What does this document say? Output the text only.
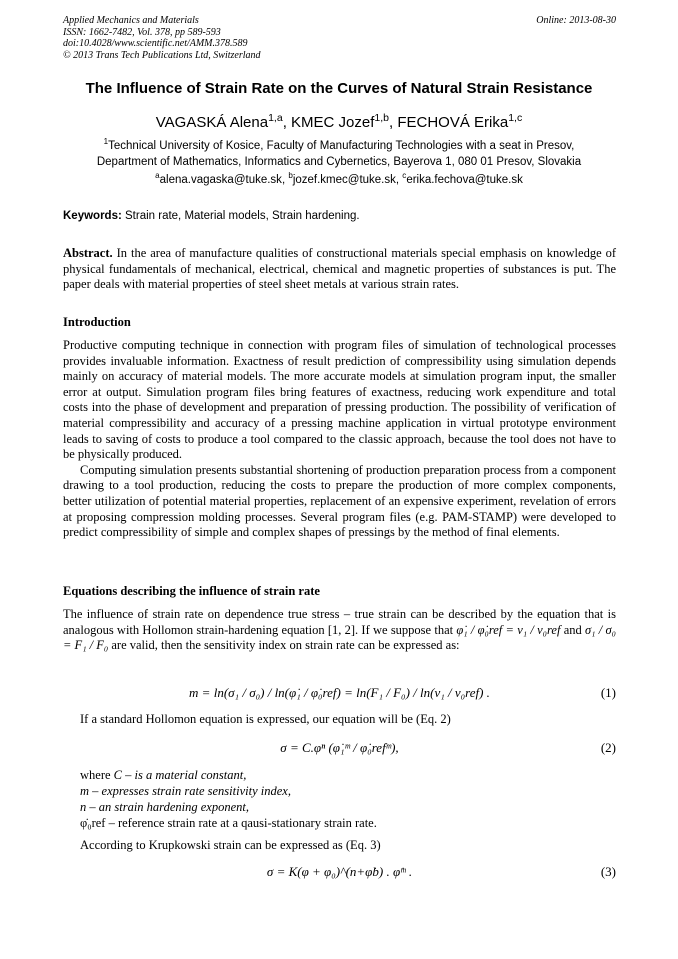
Applied Mechanics and Materials
ISSN: 1662-7482, Vol. 378, pp 589-593
doi:10.4028/www.scientific.net/AMM.378.589
© 2013 Trans Tech Publications Ltd, Switzerland
Online: 2013-08-30
The Influence of Strain Rate on the Curves of Natural Strain Resistance
VAGASKÁ Alena$^{1,a}$, KMEC Jozef$^{1,b}$, FECHOVÁ Erika$^{1,c}$
$^1$Technical University of Kosice, Faculty of Manufacturing Technologies with a seat in Presov,
Department of Mathematics, Informatics and Cybernetics, Bayerova 1, 080 01 Presov, Slovakia
$^a$alena.vagaska@tuke.sk, $^b$jozef.kmec@tuke.sk, $^c$erika.fechova@tuke.sk
Keywords: Strain rate, Material models, Strain hardening.
Abstract. In the area of manufacture qualities of constructional materials special emphasis on knowledge of physical fundamentals of mechanical, electrical, chemical and magnetic properties of substances is put. The paper deals with material properties of steel sheet metals at various strain rates.
Introduction

Productive computing technique in connection with program files of simulation of technological processes provides invaluable information. Exactness of result prediction of compressibility using simulation depends mainly on accuracy of material models. The more accurate models at simulation program input, the smaller error at output. Simulation program files bring features of exactness, reducing work expenditure and total costs into the phase of development and preparation of pressing production. The possibility of verification of material compressibility and accuracy of a pressing machine application in virtual prototype environment leads to saving of costs to produce a tool compared to the classic approach, because the tool does not have to be physically produced.

Computing simulation presents substantial shortening of production preparation process from a component drawing to a tool production, reducing the costs to prepare the production of more complex components, better utilization of potential material properties, replacement of an expensive experiment, revelation of errors at proposing compression molding processes. Several program files (e.g. PAM-STAMP) were developed to predict compressibility of simple and complex shapes of pressings by the method of final elements.

Equations describing the influence of strain rate
The influence of strain rate on dependence true stress – true strain can be described by the equation that is analogous with Hollomon strain-hardening equation [1, 2]. If we suppose that φ̇₁ / φ̇₀ref = v₁ / v₀ref and σ₁ / σ₀ = F₁ / F₀ are valid, then the sensitivity index on strain rate can be expressed as:
m = ln(σ₁ / σ₀) / ln(φ̇₁ / φ̇₀ref) = ln(F₁ / F₀) / ln(v₁ / v₀ref) .	(1)
If a standard Hollomon equation is expressed, our equation will be (Eq. 2)
σ = C.φⁿ (φ̇₁ᵐ / φ̇₀refᵐ),	(2)
where C – is a material constant,
m – expresses strain rate sensitivity index,
n – an strain hardening exponent,
φ̇₀ref – reference strain rate at a qausi-stationary strain rate.
According to Krupkowski strain can be expressed as (Eq. 3)
σ = K(φ + φ₀)^(n+φ̇b) . φ̇ᵐ .	(3)
